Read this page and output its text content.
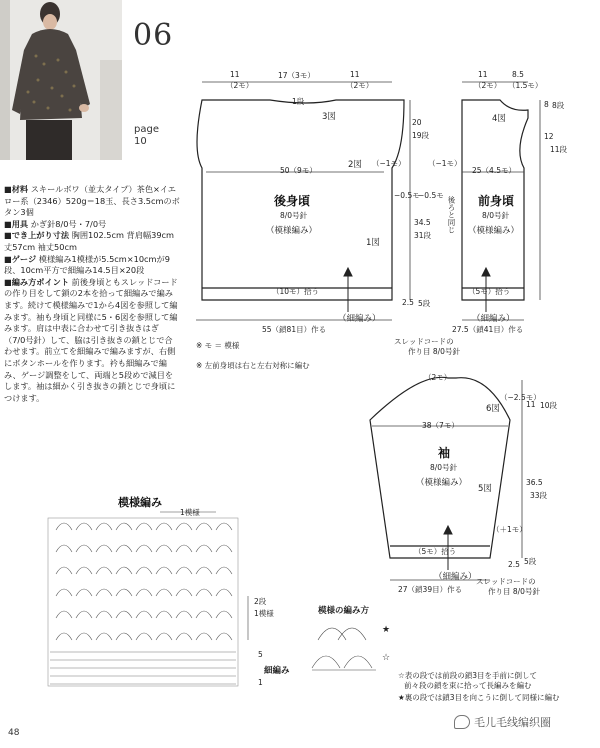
06
page
10

■材料 スキールボワ（並太タイプ）茶色×イエロー系（2346）520g＝18玉、長さ3.5cmのボタン3個

■用具 かぎ針8/0号・7/0号

■でき上がり寸法 胸囲102.5cm 背肩幅39cm 丈57cm 袖丈50cm

■ゲージ 模様編み1模様が5.5cm×10cmが9段、10cm平方で細編み14.5目×20段

■編み方ポイント 前後身頃ともスレッドコードの作り目をして鎖の2本を拾って細編みで編みます。続けて模様編みで1から4図を参照して編みます。袖も身頃と同様に5・6図を参照して編みます。肩は中表に合わせて引き抜きはぎ（7/0号針）して、脇は引き抜きの鎖とじで合わせます。前立てを細編みで編みますが、右側にボタンホールを作ります。衿も細編みで編み、ゲージ調整をして、両端と5段めで減目をします。袖は細かく引き抜きの鎖とじで身頃につけます。

★
☆
11
（2モ）
17（3モ）	11
（2モ）
1段
3図
2図 （−1モ）
50（9モ）
後身頃
8/0号針
（模様編み）
1図
20
19段
−0.5モ
34.5
31段
2.5 5段
（10モ）拾う
（細編み）
55（鎖81目）作る
11
（2モ）
8.5
（1.5モ）
4図
（−1モ）
25（4.5モ）
8 8段
12
11段
−0.5モ
後ろと同じ 前身頃
8/0号針
（模様編み）
（5モ）拾う
（細編み）
27.5（鎖41目）作る
スレッドコードの
作り目 8/0号針
※ モ ＝ 模様
※ 左前身頃は右と左右対称に編む
（2モ）
（−2.5モ）
11 10段
6図
38（7モ）
袖
8/0号針
（模様編み）
5図
36.5
33段
（＋1モ）
2.5 5段
（5モ）拾う
（細編み）
27（鎖39目）作る
スレッドコードの
作り目 8/0号針
模様編み
1模様
2段
1模様
5
1
細編み
模様の編み方
☆表の段では前段の鎖3目を手前に倒して
前々段の鎖を束に拾って長編みを編む
★裏の段では鎖3目を向こうに倒して同様に編む
48
毛儿毛线编织圈
